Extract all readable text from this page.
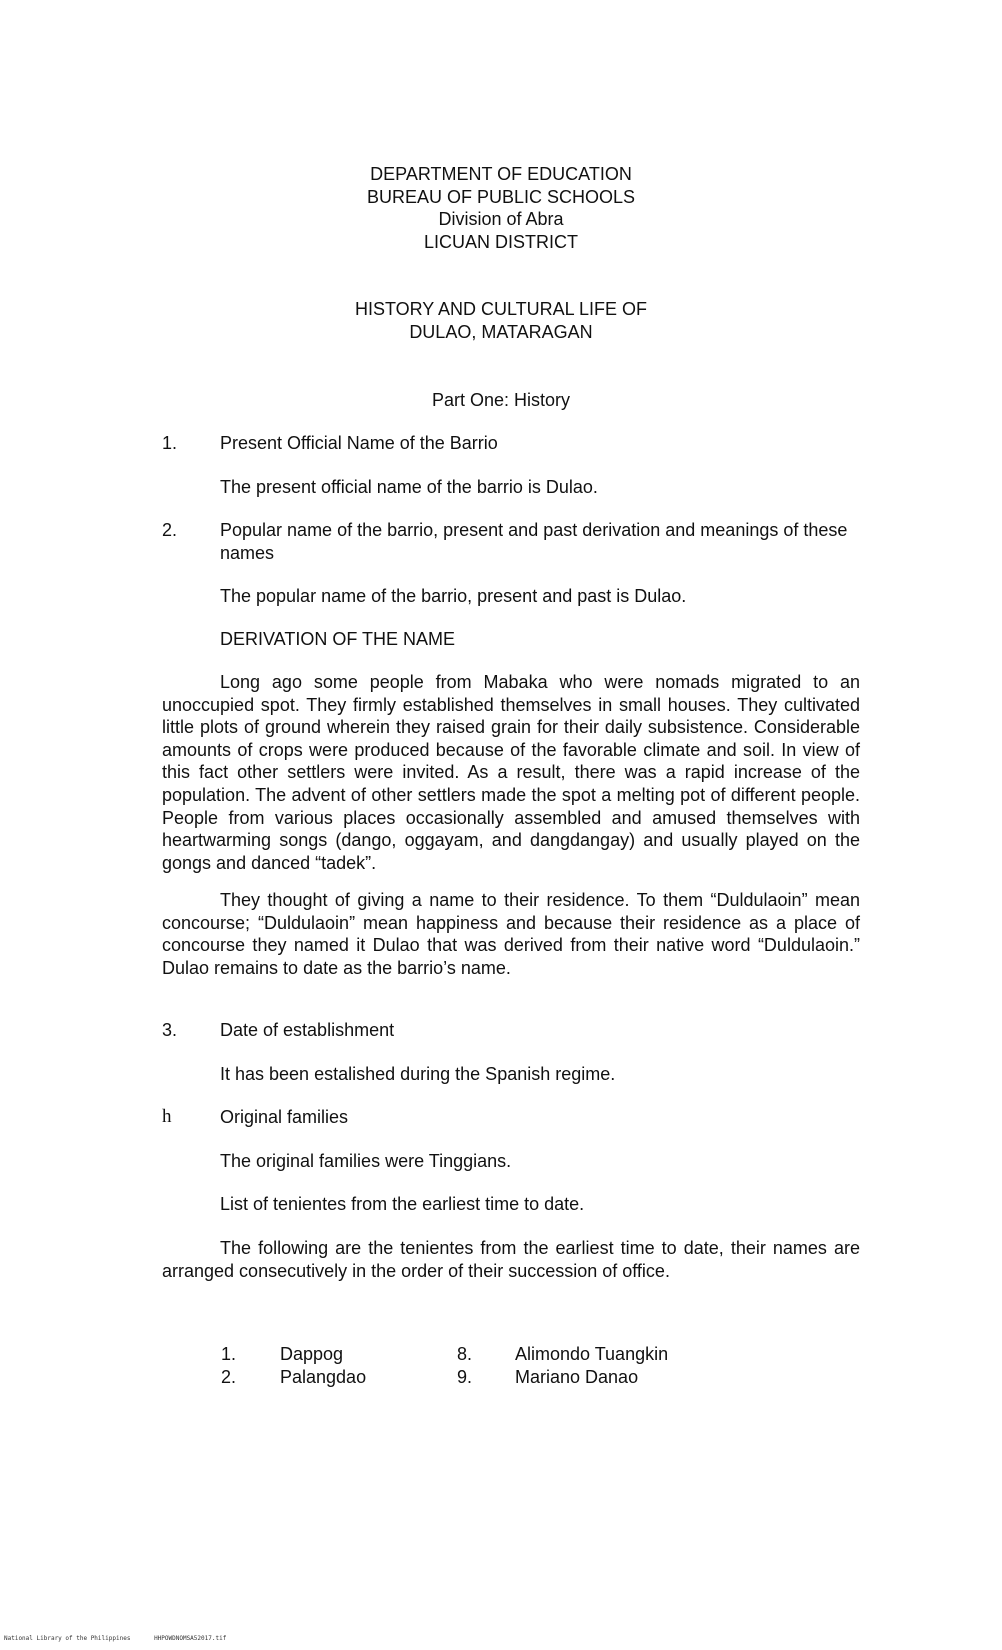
DEPARTMENT OF EDUCATION
BUREAU OF PUBLIC SCHOOLS
Division of Abra
LICUAN DISTRICT
HISTORY AND CULTURAL LIFE OF
DULAO, MATARAGAN
Part One: History
1. Present Official Name of the Barrio
The present official name of the barrio is Dulao.
2. Popular name of the barrio, present and past derivation and meanings of these names
The popular name of the barrio, present and past is Dulao.
DERIVATION OF THE NAME
Long ago some people from Mabaka who were nomads migrated to an unoccupied spot. They firmly established themselves in small houses. They cultivated little plots of ground wherein they raised grain for their daily subsistence. Considerable amounts of crops were produced because of the favorable climate and soil. In view of this fact other settlers were invited. As a result, there was a rapid increase of the population. The advent of other settlers made the spot a melting pot of different people. People from various places occasionally assembled and amused themselves with heartwarming songs (dango, oggayam, and dangdangay) and usually played on the gongs and danced “tadek”.
They thought of giving a name to their residence. To them “Duldulaoin” mean concourse; “Duldulaoin” mean happiness and because their residence as a place of concourse they named it Dulao that was derived from their native word “Duldulaoin.” Dulao remains to date as the barrio’s name.
3. Date of establishment
It has been estalished during the Spanish regime.
h	Original families
The original families were Tinggians.
List of tenientes from the earliest time to date.
The following are the tenientes from the earliest time to date, their names are arranged consecutively in the order of their succession of office.
1. Dappog	8. Alimondo Tuangkin
2. Palangdao	9. Mariano Danao
National Library of the Philippines	HHPOWDNOMSA52017.tif
